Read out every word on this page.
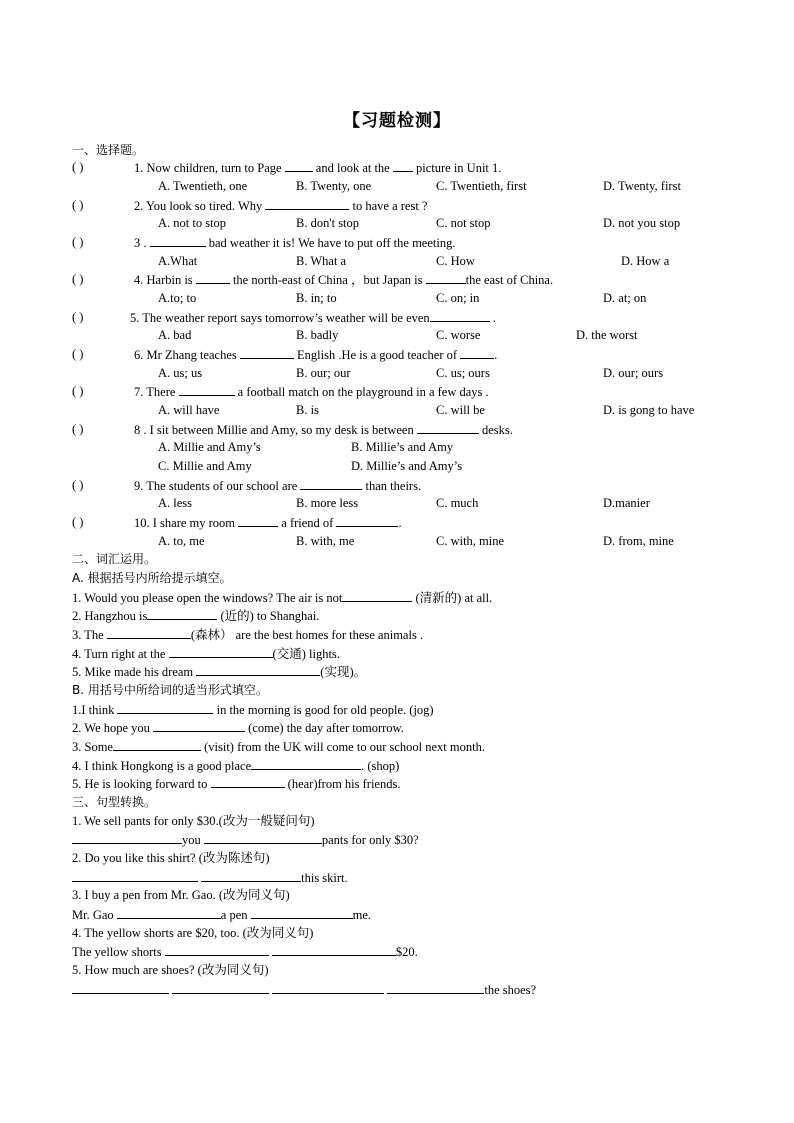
【习题检测】
一、选择题。
( )	1. Now children, turn to Page  and look at the  picture in Unit 1.
A. Twentieth, one	B. Twenty, one	C. Twentieth, first	D. Twenty, first
( )	2. You look so tired. Why	to have a rest ?
A. not to stop	B. don't stop	C. not stop	D. not you stop
( )	3 .	bad weather it is! We have to put off the meeting.
A.What	B. What a	C. How	D. How a
( )	4. Harbin is	the north-east of China ，but Japan is	the east of China.
A.to; to	B. in; to	C. on; in	D. at; on
( )	5. The weather report says tomorrow’s weather will be even	.
A. bad	B. badly	C. worse	D. the worst
( )	6. Mr Zhang teaches	English .He is a good teacher of	.
A. us; us	B. our; our	C. us; ours	D. our; ours
( )	7. There	a football match on the playground in a few days .
A. will have	B. is	C. will be	D. is gong to have
( )	8 . I sit between Millie and Amy, so my desk is between	desks.
A. Millie and Amy’s	B. Millie’s and Amy
C. Millie and Amy	D. Millie’s and Amy’s
( )	9. The students of our school are	than theirs.
A. less	B. more less	C. much	D.manier
( )	10. I share my room	a friend of	.
A. to, me	B. with, me	C. with, mine	D. from, mine
二、词汇运用。
A. 根据括号内所给提示填空。
1. Would you please open the windows? The air is not	(清新的) at all.
2. Hangzhou is	(近的) to Shanghai.
3. The	(森林） are the best homes for these animals .
4. Turn right at the	(交通) lights.
5. Mike made his dream	(实现)。
B. 用括号中所给词的适当形式填空。
1.I think	in the morning is good for old people. (jog)
2. We hope you	(come) the day after tomorrow.
3. Some	(visit) from the UK will come to our school next month.
4. I think Hongkong is a good place	. (shop)
5. He is looking forward to	(hear)from his friends.
三、句型转换。
1. We sell pants for only $30.(改为一般疑问句)
you	pants for only $30?
2. Do you like this shirt? (改为陈述句)
this skirt.
3. I buy a pen from Mr. Gao. (改为同义句)
Mr. Gao	a pen	me.
4. The yellow shorts are $20, too. (改为同义句)
The yellow shorts	$20.
5. How much are shoes? (改为同义句)
the shoes?
